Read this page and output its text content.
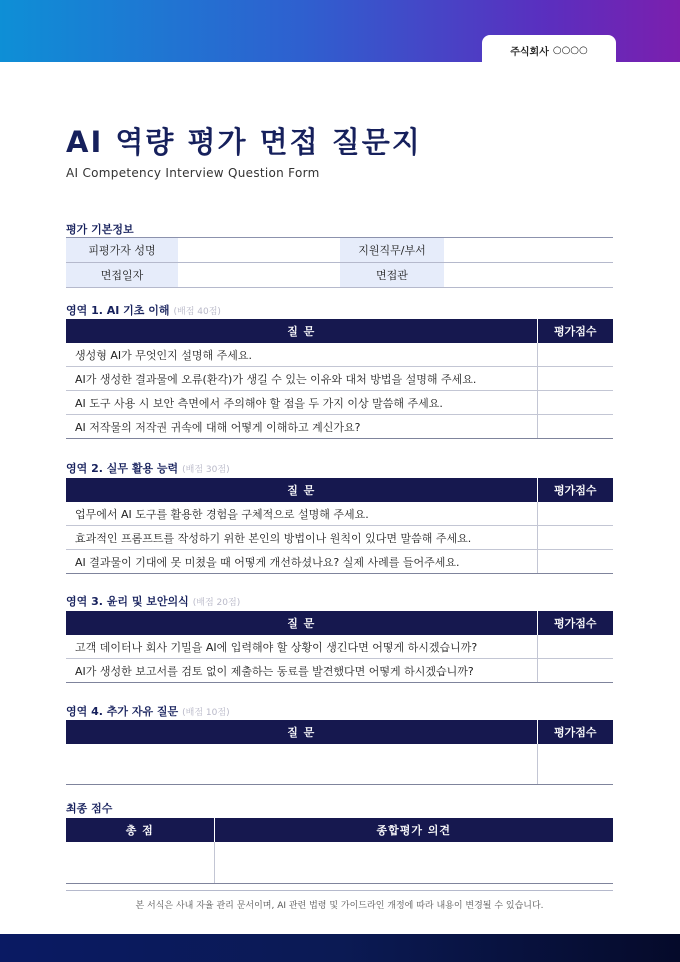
주식회사 ○○○○
AI 역량 평가 면접 질문지
AI Competency Interview Question Form
평가 기본정보
피평가자 성명		지원직무/부서	
면접일자		면접관	
영역 1. AI 기초 이해 (배점 40점)
질 문	평가점수
생성형 AI가 무엇인지 설명해 주세요.	
AI가 생성한 결과물에 오류(환각)가 생길 수 있는 이유와 대처 방법을 설명해 주세요.	
AI 도구 사용 시 보안 측면에서 주의해야 할 점을 두 가지 이상 말씀해 주세요.	
AI 저작물의 저작권 귀속에 대해 어떻게 이해하고 계신가요?	
영역 2. 실무 활용 능력 (배점 30점)
질 문	평가점수
업무에서 AI 도구를 활용한 경험을 구체적으로 설명해 주세요.	
효과적인 프롬프트를 작성하기 위한 본인의 방법이나 원칙이 있다면 말씀해 주세요.	
AI 결과물이 기대에 못 미쳤을 때 어떻게 개선하셨나요? 실제 사례를 들어주세요.	
영역 3. 윤리 및 보안의식 (배점 20점)
질 문	평가점수
고객 데이터나 회사 기밀을 AI에 입력해야 할 상황이 생긴다면 어떻게 하시겠습니까?	
AI가 생성한 보고서를 검토 없이 제출하는 동료를 발견했다면 어떻게 하시겠습니까?	
영역 4. 추가 자유 질문 (배점 10점)
질 문	평가점수

최종 점수
총 점	종합평가 의견

본 서식은 사내 자율 관리 문서이며, AI 관련 법령 및 가이드라인 개정에 따라 내용이 변경될 수 있습니다.
